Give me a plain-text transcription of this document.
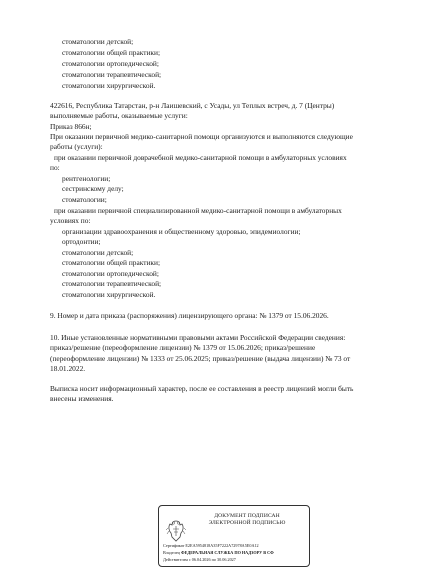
стоматологии детской;
стоматологии общей практики;
стоматологии ортопедической;
стоматологии терапевтической;
стоматологии хирургической.
422616, Республика Татарстан, р-н Лаишевский, с Усады, ул Теплых встреч, д. 7 (Центры)
выполняемые работы, оказываемые услуги:
Приказ 866н;
При оказании первичной медико-санитарной помощи организуются и выполняются следующие
работы (услуги):
при оказании первичной доврачебной медико-санитарной помощи в амбулаторных условиях
по:
рентгенологии;
сестринскому делу;
стоматологии;
при оказании первичной специализированной медико-санитарной помощи в амбулаторных
условиях по:
организации здравоохранения и общественному здоровью, эпидемиологии;
ортодонтии;
стоматологии детской;
стоматологии общей практики;
стоматологии ортопедической;
стоматологии терапевтической;
стоматологии хирургической.
9. Номер и дата приказа (распоряжения) лицензирующего органа: № 1379 от 15.06.2026.
10. Иные установленные нормативными правовыми актами Российской Федерации сведения:
приказ/решение (переоформление лицензии) № 1379 от 15.06.2026; приказ/решение
(переоформление лицензии) № 1333 от 25.06.2025; приказ/решение (выдача лицензии) № 73 от
18.01.2022.
Выписка носит информационный характер, после ее составления в реестр лицензий могли быть
внесены изменения.
ДОКУМЕНТ ПОДПИСАН
ЭЛЕКТРОННОЙ ПОДПИСЬЮ
Сертификат E2EA5954818A35F7222A72978A5E0A12
Владелец ФЕДЕРАЛЬНАЯ СЛУЖБА ПО НАДЗОРУ В СФ
Действителен с 06.04.2026 по 30.06.2027
